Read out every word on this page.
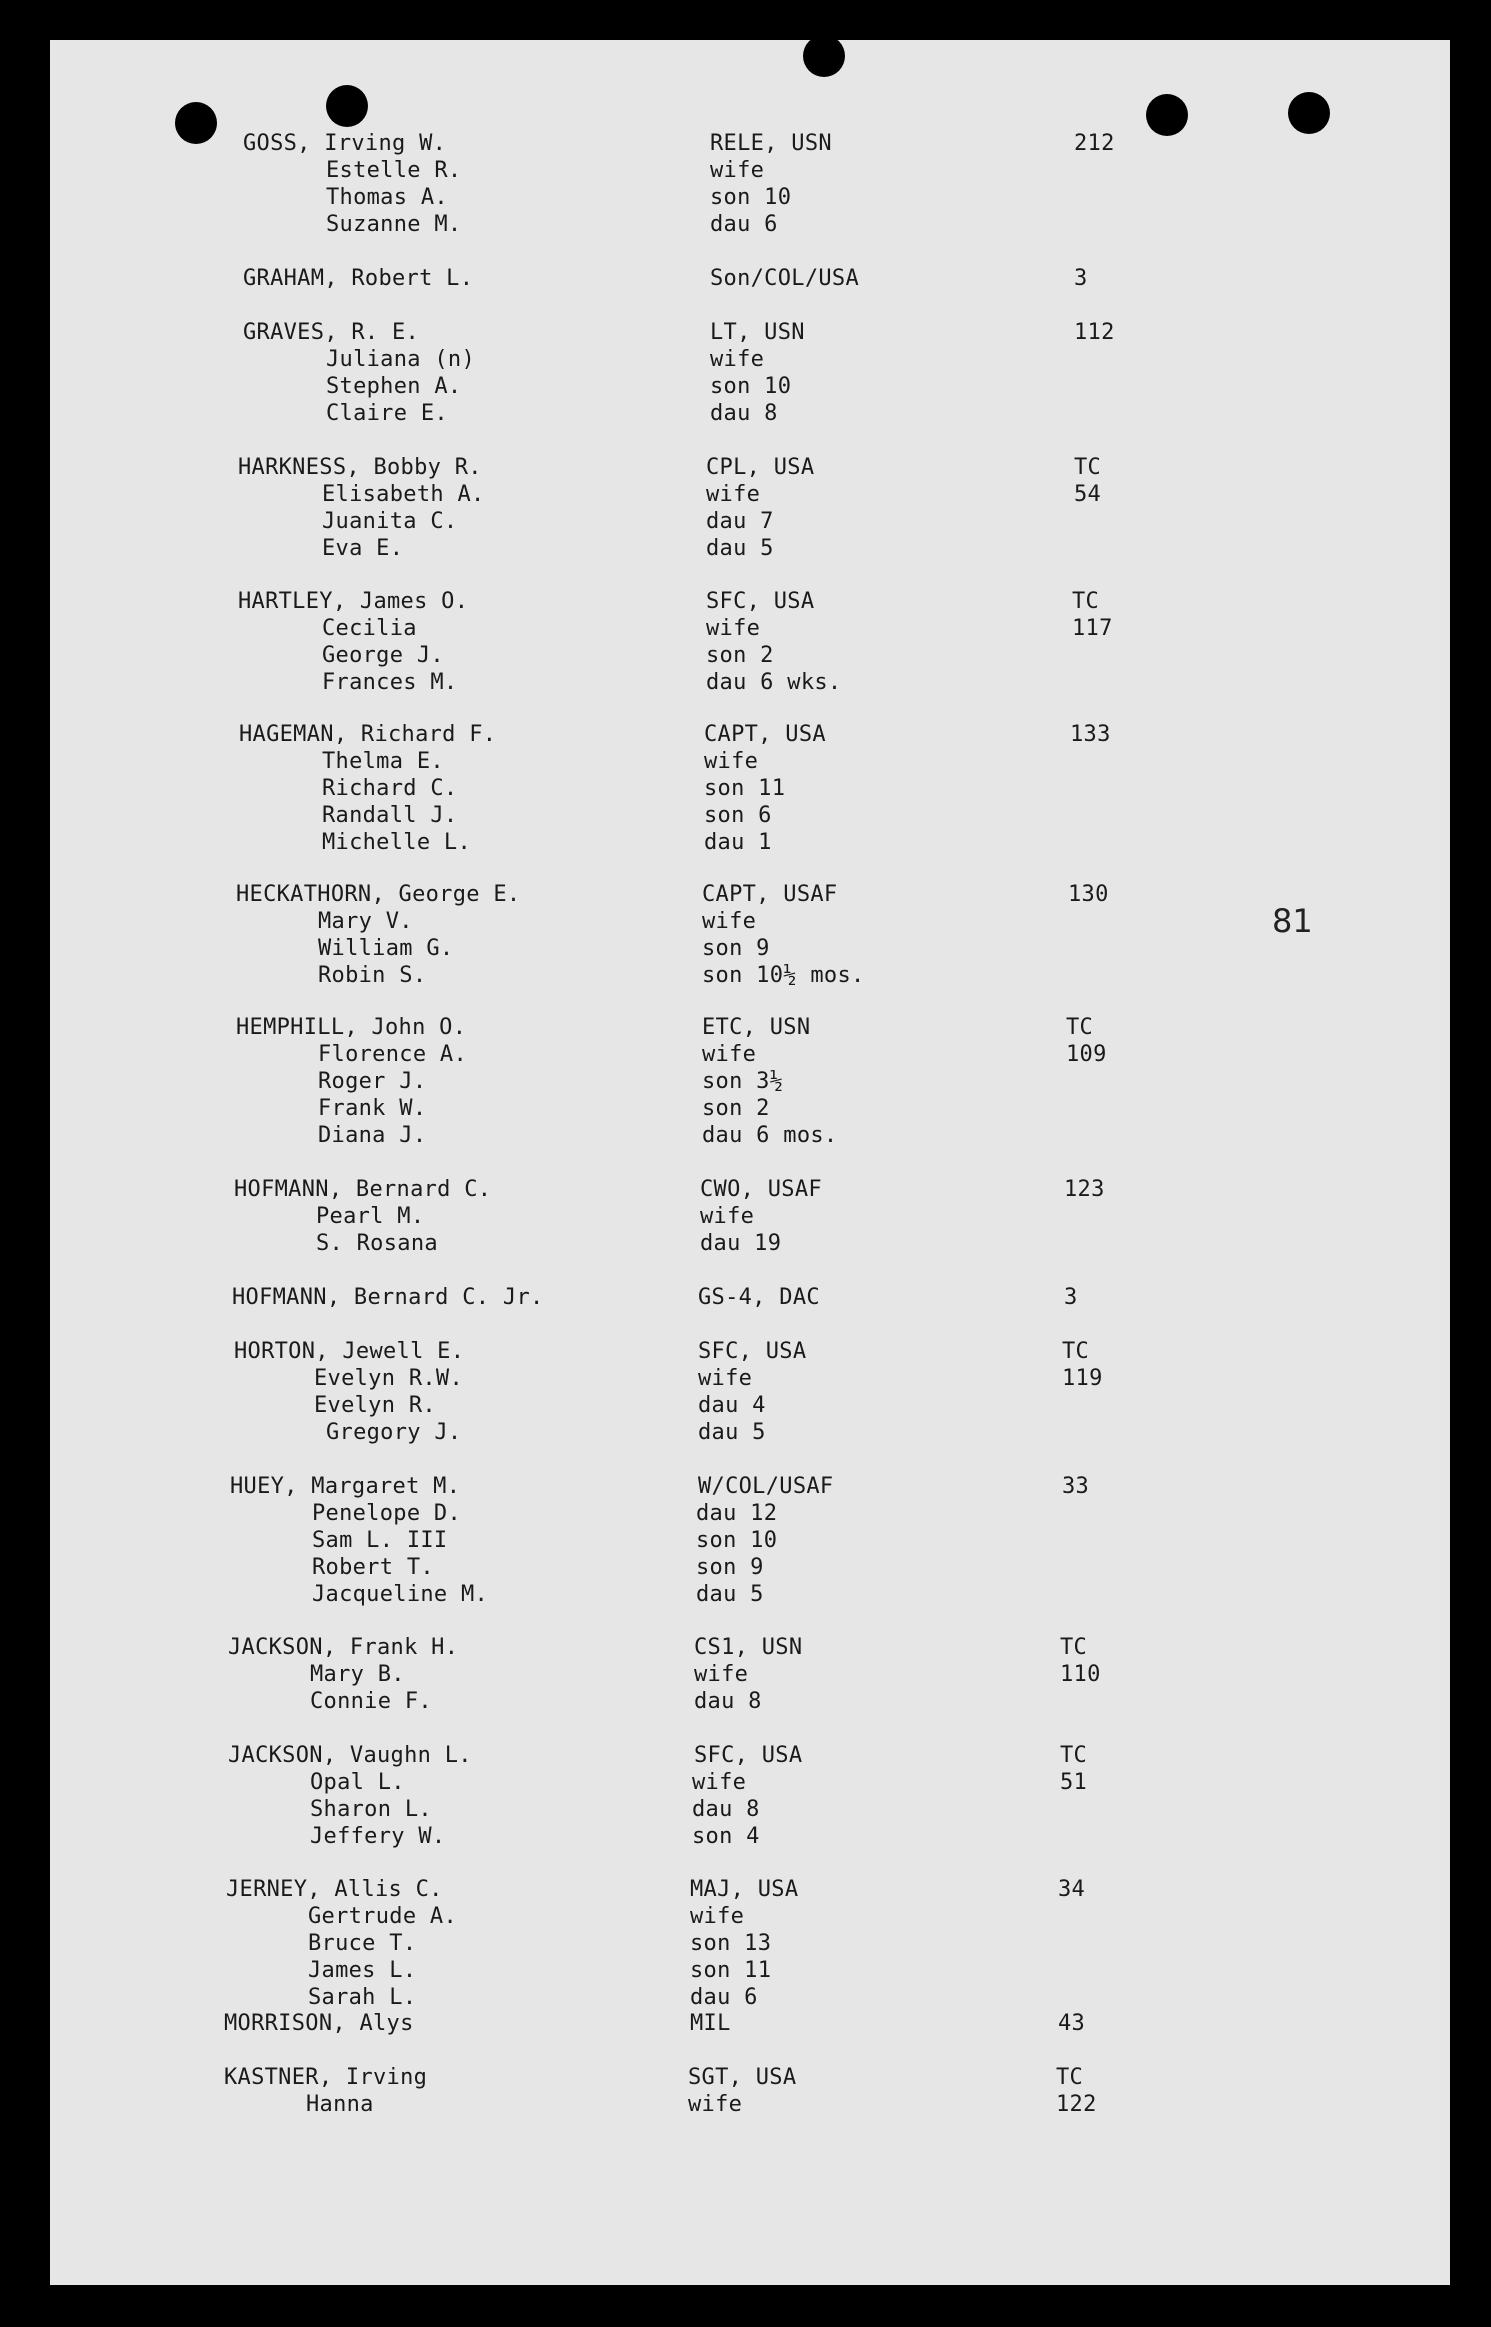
GOSS, Irving W.	RELE, USN	212
Estelle R.	wife
Thomas A.	son 10
Suzanne M.	dau 6
GRAHAM, Robert L.	Son/COL/USA	3
GRAVES, R. E.	LT, USN	112
Juliana (n)	wife
Stephen A.	son 10
Claire E.	dau 8
HARKNESS, Bobby R.	CPL, USA	TC
Elisabeth A.	wife	54
Juanita C.	dau 7
Eva E.	dau 5
HARTLEY, James O.	SFC, USA	TC
Cecilia	wife	117
George J.	son 2
Frances M.	dau 6 wks.
HAGEMAN, Richard F.	CAPT, USA	133
Thelma E.	wife
Richard C.	son 11
Randall J.	son 6
Michelle L.	dau 1
HECKATHORN, George E.	CAPT, USAF	130
Mary V.	wife
William G.	son 9
Robin S.	son 10½ mos.
HEMPHILL, John O.	ETC, USN	TC
Florence A.	wife	109
Roger J.	son 3½
Frank W.	son 2
Diana J.	dau 6 mos.
HOFMANN, Bernard C.	CWO, USAF	123
Pearl M.	wife
S. Rosana	dau 19
HOFMANN, Bernard C. Jr.	GS-4, DAC	3
HORTON, Jewell E.	SFC, USA	TC
Evelyn R.W.	wife	119
Evelyn R.	dau 4
Gregory J.	dau 5
HUEY, Margaret M.	W/COL/USAF	33
Penelope D.	dau 12
Sam L. III	son 10
Robert T.	son 9
Jacqueline M.	dau 5
JACKSON, Frank H.	CS1, USN	TC
Mary B.	wife	110
Connie F.	dau 8
JACKSON, Vaughn L.	SFC, USA	TC
Opal L.	wife	51
Sharon L.	dau 8
Jeffery W.	son 4
JERNEY, Allis C.	MAJ, USA	34
Gertrude A.	wife
Bruce T.	son 13
James L.	son 11
Sarah L.	dau 6
MORRISON, Alys	MIL	43
KASTNER, Irving	SGT, USA	TC
Hanna	wife	122
81
